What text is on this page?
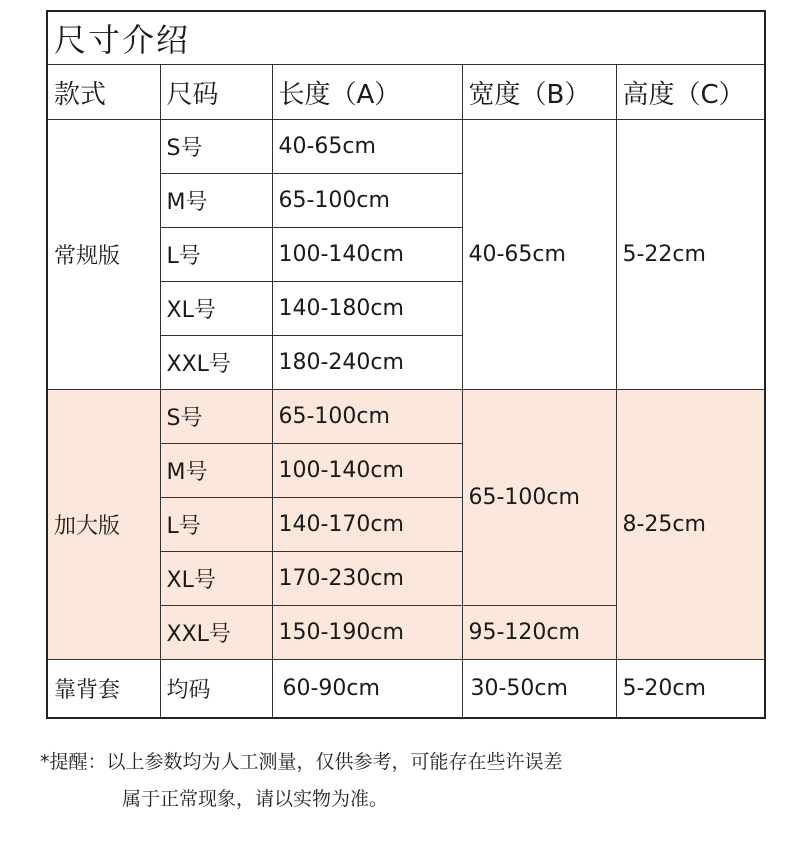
尺寸介绍				
款式	尺码	长度（A）	宽度（B）	高度（C）
常规版	S号	40-65cm	40-65cm	5-22cm
	M号	65-100cm		
	L号	100-140cm		
	XL号	140-180cm		
	XXL号	180-240cm		
加大版	S号	65-100cm	65-100cm	8-25cm
	M号	100-140cm		
	L号	140-170cm		
	XL号	170-230cm		
	XXL号	150-190cm	95-120cm	
靠背套	均码	60-90cm	30-50cm	5-20cm
*提醒：以上参数均为人工测量，仅供参考，可能存在些许误差
属于正常现象，请以实物为准。
